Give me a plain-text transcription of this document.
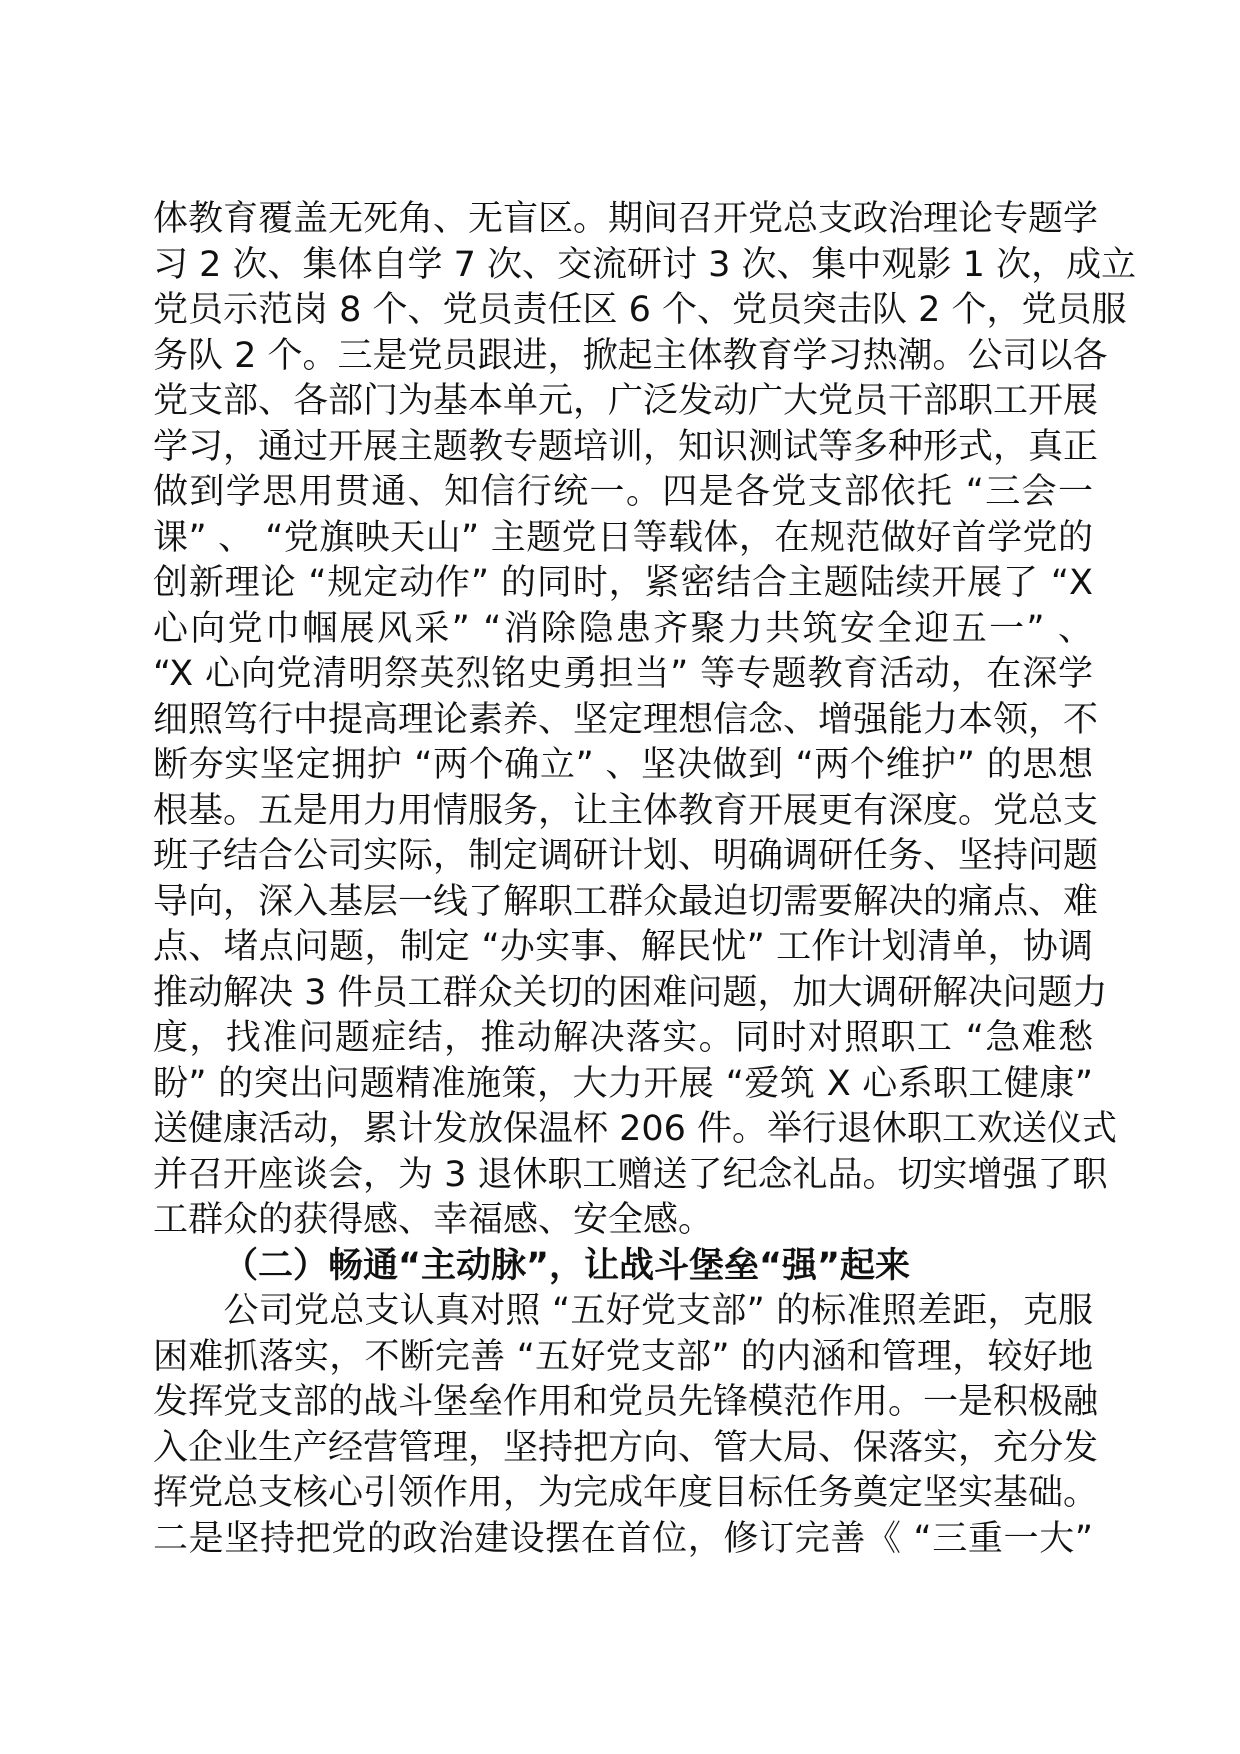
体教育覆盖无死角、无盲区。期间召开党总支政治理论专题学
习 2 次、集体自学 7 次、交流研讨 3 次、集中观影 1 次，成立
党员示范岗 8 个、党员责任区 6 个、党员突击队 2 个，党员服
务队 2 个。三是党员跟进，掀起主体教育学习热潮。公司以各
党支部、各部门为基本单元，广泛发动广大党员干部职工开展
学习，通过开展主题教专题培训，知识测试等多种形式，真正
做到学思用贯通、知信行统一。四是各党支部依托 “三会一
课” 、 “党旗映天山” 主题党日等载体，在规范做好首学党的
创新理论 “规定动作” 的同时，紧密结合主题陆续开展了 “X
心向党巾帼展风采” “消除隐患齐聚力共筑安全迎五一” 、
“X 心向党清明祭英烈铭史勇担当” 等专题教育活动，在深学
细照笃行中提高理论素养、坚定理想信念、增强能力本领，不
断夯实坚定拥护 “两个确立” 、坚决做到 “两个维护” 的思想
根基。五是用力用情服务，让主体教育开展更有深度。党总支
班子结合公司实际，制定调研计划、明确调研任务、坚持问题
导向，深入基层一线了解职工群众最迫切需要解决的痛点、难
点、堵点问题，制定 “办实事、解民忧” 工作计划清单，协调
推动解决 3 件员工群众关切的困难问题，加大调研解决问题力
度，找准问题症结，推动解决落实。同时对照职工 “急难愁
盼” 的突出问题精准施策，大力开展 “爱筑 X 心系职工健康”
送健康活动，累计发放保温杯 206 件。举行退休职工欢送仪式
并召开座谈会，为 3 退休职工赠送了纪念礼品。切实增强了职
工群众的获得感、幸福感、安全感。
（二）畅通“主动脉”，让战斗堡垒“强”起来
　　公司党总支认真对照 “五好党支部” 的标准照差距，克服
困难抓落实，不断完善 “五好党支部” 的内涵和管理，较好地
发挥党支部的战斗堡垒作用和党员先锋模范作用。一是积极融
入企业生产经营管理，坚持把方向、管大局、保落实，充分发
挥党总支核心引领作用，为完成年度目标任务奠定坚实基础。
二是坚持把党的政治建设摆在首位，修订完善《 “三重一大”
